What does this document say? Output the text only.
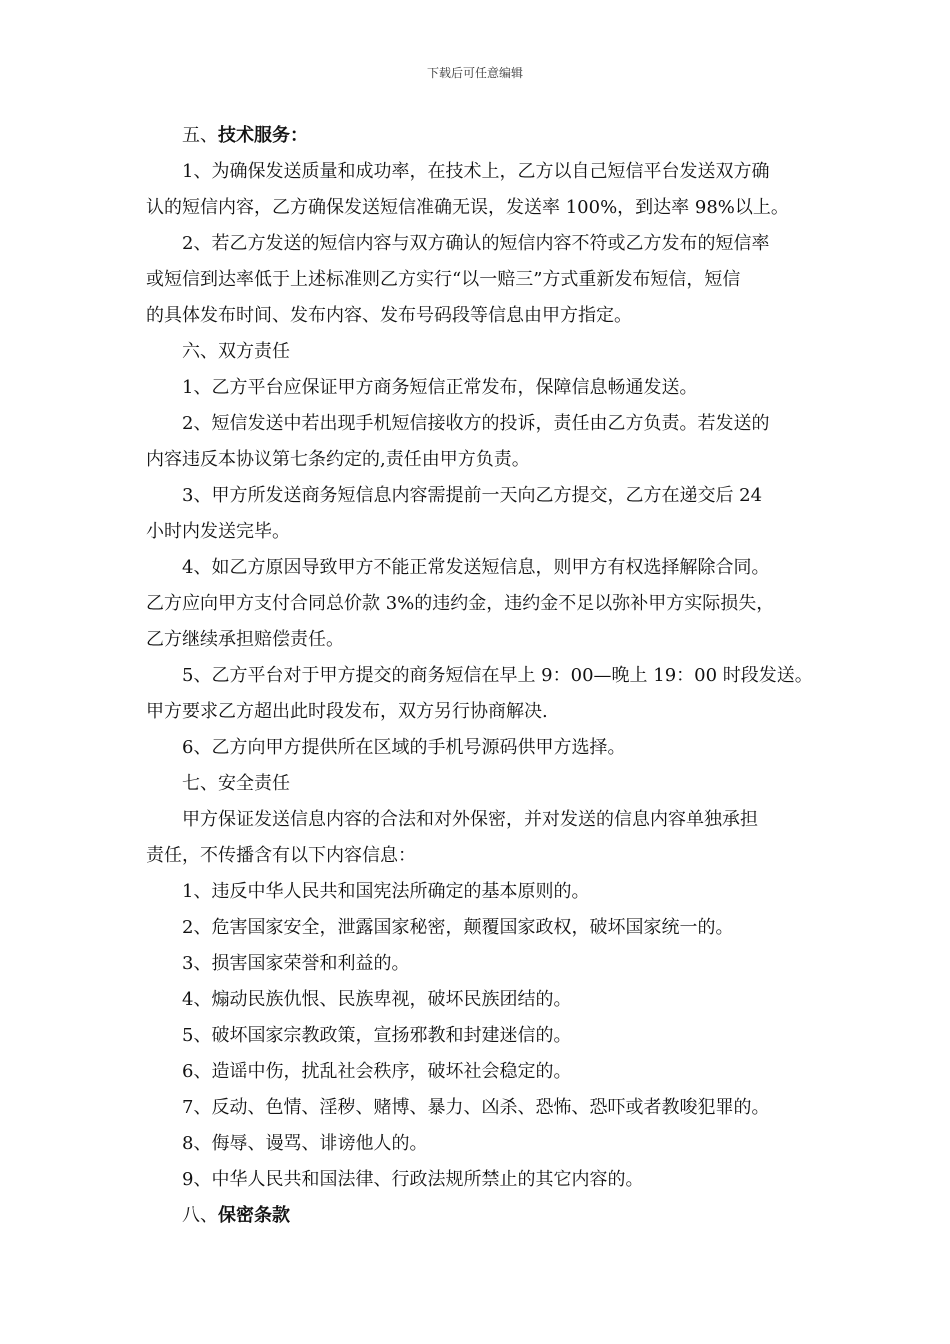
下载后可任意编辑
五、技术服务：
1、为确保发送质量和成功率，在技术上，乙方以自己短信平台发送双方确
认的短信内容，乙方确保发送短信准确无误，发送率 100%，到达率 98%以上。
2、若乙方发送的短信内容与双方确认的短信内容不符或乙方发布的短信率
或短信到达率低于上述标准则乙方实行“以一赔三”方式重新发布短信，短信
的具体发布时间、发布内容、发布号码段等信息由甲方指定。
六、双方责任
1、乙方平台应保证甲方商务短信正常发布，保障信息畅通发送。
2、短信发送中若出现手机短信接收方的投诉，责任由乙方负责。若发送的
内容违反本协议第七条约定的,责任由甲方负责。
3、甲方所发送商务短信息内容需提前一天向乙方提交，乙方在递交后 24
小时内发送完毕。
4、如乙方原因导致甲方不能正常发送短信息，则甲方有权选择解除合同。
乙方应向甲方支付合同总价款 3%的违约金，违约金不足以弥补甲方实际损失，
乙方继续承担赔偿责任。
5、乙方平台对于甲方提交的商务短信在早上 9：00—晚上 19：00 时段发送。
甲方要求乙方超出此时段发布，双方另行协商解决.
6、乙方向甲方提供所在区域的手机号源码供甲方选择。
七、安全责任
甲方保证发送信息内容的合法和对外保密，并对发送的信息内容单独承担
责任，不传播含有以下内容信息：
1、违反中华人民共和国宪法所确定的基本原则的。
2、危害国家安全，泄露国家秘密，颠覆国家政权，破坏国家统一的。
3、损害国家荣誉和利益的。
4、煽动民族仇恨、民族卑视，破坏民族团结的。
5、破坏国家宗教政策，宣扬邪教和封建迷信的。
6、造谣中伤，扰乱社会秩序，破坏社会稳定的。
7、反动、色情、淫秽、赌博、暴力、凶杀、恐怖、恐吓或者教唆犯罪的。
8、侮辱、谩骂、诽谤他人的。
9、中华人民共和国法律、行政法规所禁止的其它内容的。
八、保密条款
